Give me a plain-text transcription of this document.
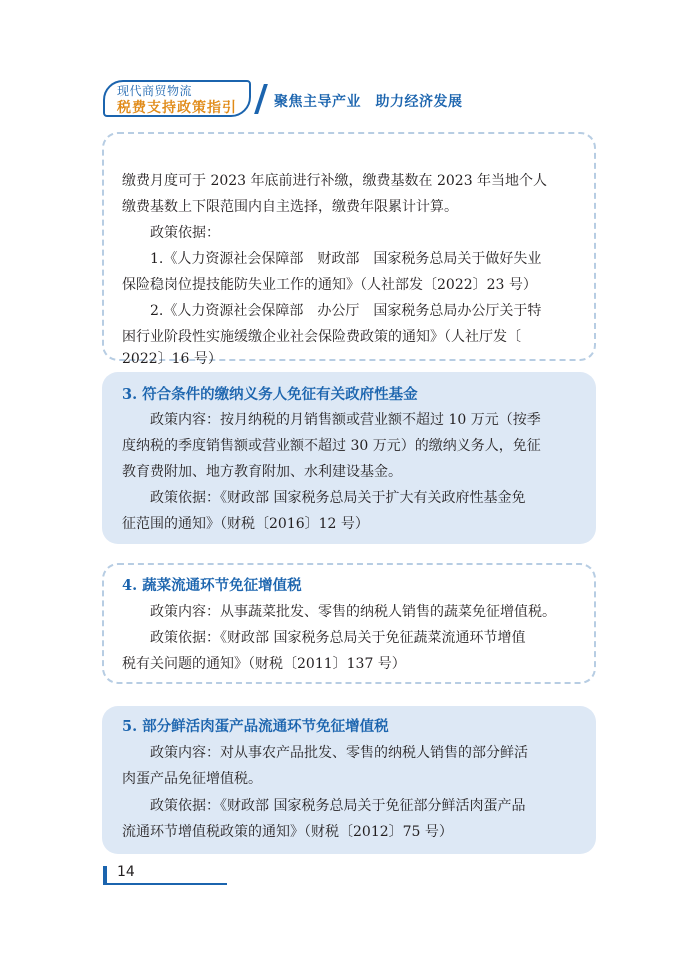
现代商贸物流
税费支持政策指引	聚焦主导产业　助力经济发展
缴费月度可于 2023 年底前进行补缴，缴费基数在 2023 年当地个人
缴费基数上下限范围内自主选择，缴费年限累计计算。
政策依据：
1.《人力资源社会保障部　财政部　国家税务总局关于做好失业
保险稳岗位提技能防失业工作的通知》（人社部发〔2022〕23 号）
2.《人力资源社会保障部　办公厅　国家税务总局办公厅关于特
困行业阶段性实施缓缴企业社会保险费政策的通知》（人社厅发〔
2022〕16 号）
3. 符合条件的缴纳义务人免征有关政府性基金
政策内容：按月纳税的月销售额或营业额不超过 10 万元（按季
度纳税的季度销售额或营业额不超过 30 万元）的缴纳义务人，免征
教育费附加、地方教育附加、水利建设基金。
政策依据：《财政部 国家税务总局关于扩大有关政府性基金免
征范围的通知》（财税〔2016〕12 号）
4. 蔬菜流通环节免征增值税
政策内容：从事蔬菜批发、零售的纳税人销售的蔬菜免征增值税。
政策依据：《财政部 国家税务总局关于免征蔬菜流通环节增值
税有关问题的通知》（财税〔2011〕137 号）
5. 部分鲜活肉蛋产品流通环节免征增值税
政策内容：对从事农产品批发、零售的纳税人销售的部分鲜活
肉蛋产品免征增值税。
政策依据：《财政部 国家税务总局关于免征部分鲜活肉蛋产品
流通环节增值税政策的通知》（财税〔2012〕75 号）
14
